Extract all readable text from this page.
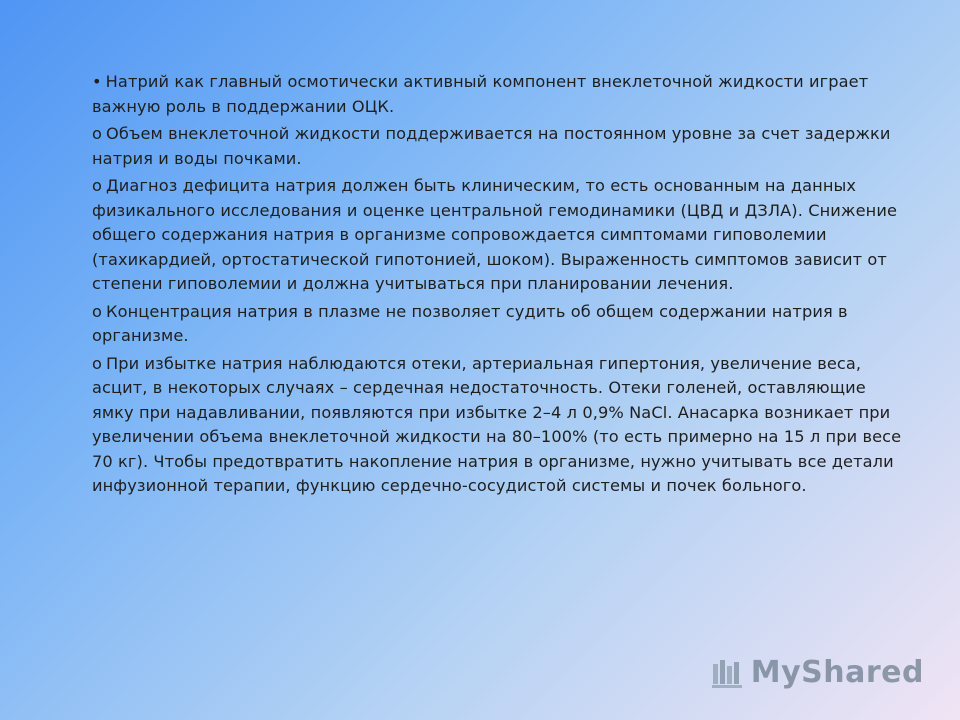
• Натрий как главный осмотически активный компонент внеклеточной жидкости играет важную роль в поддержании ОЦК.

o Объем внеклеточной жидкости поддерживается на постоянном уровне за счет задержки натрия и воды почками.

o Диагноз дефицита натрия должен быть клиническим, то есть основанным на данных физикального исследования и оценке центральной гемодинамики (ЦВД и ДЗЛА). Снижение общего содержания натрия в организме сопровождается симптомами гиповолемии (тахикардией, ортостатической гипотонией, шоком). Выраженность симптомов зависит от степени гиповолемии и должна учитываться при планировании лечения.

o Концентрация натрия в плазме не позволяет судить об общем содержании натрия в организме.

o При избытке натрия наблюдаются отеки, артериальная гипертония, увеличение веса, асцит, в некоторых случаях – сердечная недостаточность. Отеки голеней, оставляющие ямку при надавливании, появляются при избытке 2–4 л 0,9% NaCl. Анасарка возникает при увеличении объема внеклеточной жидкости на 80–100% (то есть примерно на 15 л при весе 70 кг). Чтобы предотвратить накопление натрия в организме, нужно учитывать все детали инфузионной терапии, функцию сердечно-сосудистой системы и почек больного.

MyShared
